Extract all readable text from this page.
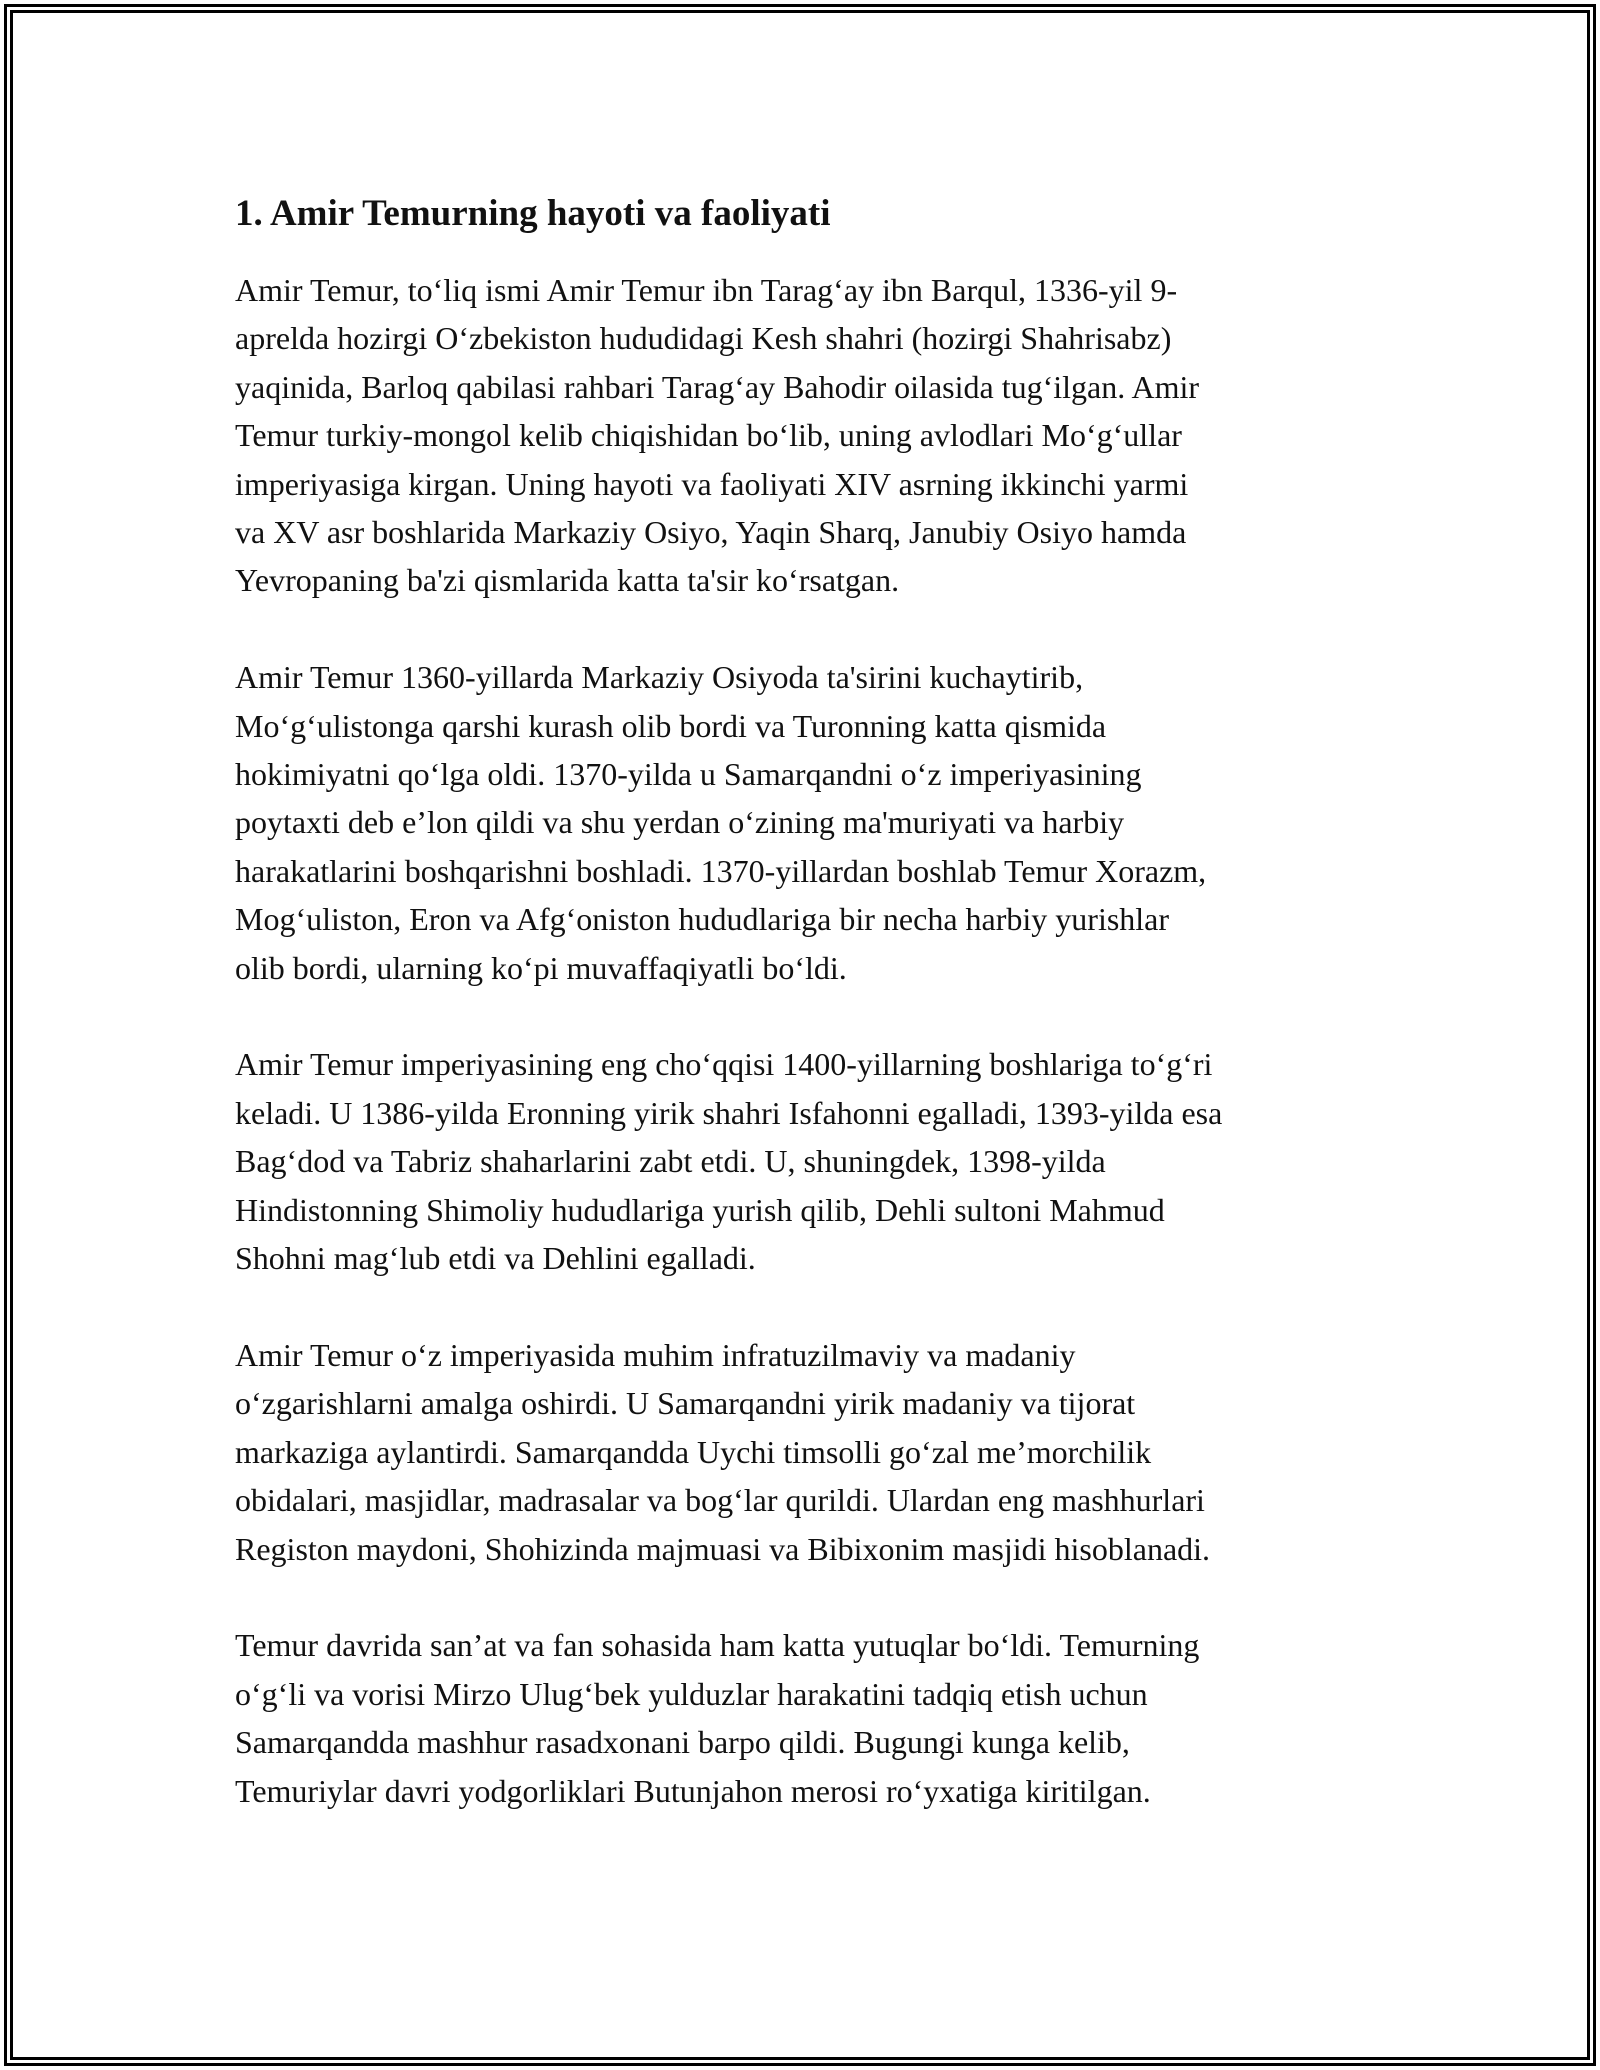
1. Amir Temurning hayoti va faoliyati

Amir Temur, to‘liq ismi Amir Temur ibn Tarag‘ay ibn Barqul, 1336-yil 9-
aprelda hozirgi O‘zbekiston hududidagi Kesh shahri (hozirgi Shahrisabz)
yaqinida, Barloq qabilasi rahbari Tarag‘ay Bahodir oilasida tug‘ilgan. Amir
Temur turkiy-mongol kelib chiqishidan bo‘lib, uning avlodlari Mo‘g‘ullar
imperiyasiga kirgan. Uning hayoti va faoliyati XIV asrning ikkinchi yarmi
va XV asr boshlarida Markaziy Osiyo, Yaqin Sharq, Janubiy Osiyo hamda
Yevropaning ba'zi qismlarida katta ta'sir ko‘rsatgan.

Amir Temur 1360-yillarda Markaziy Osiyoda ta'sirini kuchaytirib,
Mo‘g‘ulistonga qarshi kurash olib bordi va Turonning katta qismida
hokimiyatni qo‘lga oldi. 1370-yilda u Samarqandni o‘z imperiyasining
poytaxti deb e’lon qildi va shu yerdan o‘zining ma'muriyati va harbiy
harakatlarini boshqarishni boshladi. 1370-yillardan boshlab Temur Xorazm,
Mog‘uliston, Eron va Afg‘oniston hududlariga bir necha harbiy yurishlar
olib bordi, ularning ko‘pi muvaffaqiyatli bo‘ldi.

Amir Temur imperiyasining eng cho‘qqisi 1400-yillarning boshlariga to‘g‘ri
keladi. U 1386-yilda Eronning yirik shahri Isfahonni egalladi, 1393-yilda esa
Bag‘dod va Tabriz shaharlarini zabt etdi. U, shuningdek, 1398-yilda
Hindistonning Shimoliy hududlariga yurish qilib, Dehli sultoni Mahmud
Shohni mag‘lub etdi va Dehlini egalladi.

Amir Temur o‘z imperiyasida muhim infratuzilmaviy va madaniy
o‘zgarishlarni amalga oshirdi. U Samarqandni yirik madaniy va tijorat
markaziga aylantirdi. Samarqandda Uychi timsolli go‘zal me’morchilik
obidalari, masjidlar, madrasalar va bog‘lar qurildi. Ulardan eng mashhurlari
Registon maydoni, Shohizinda majmuasi va Bibixonim masjidi hisoblanadi.

Temur davrida san’at va fan sohasida ham katta yutuqlar bo‘ldi. Temurning
o‘g‘li va vorisi Mirzo Ulug‘bek yulduzlar harakatini tadqiq etish uchun
Samarqandda mashhur rasadxonani barpo qildi. Bugungi kunga kelib,
Temuriylar davri yodgorliklari Butunjahon merosi ro‘yxatiga kiritilgan.
